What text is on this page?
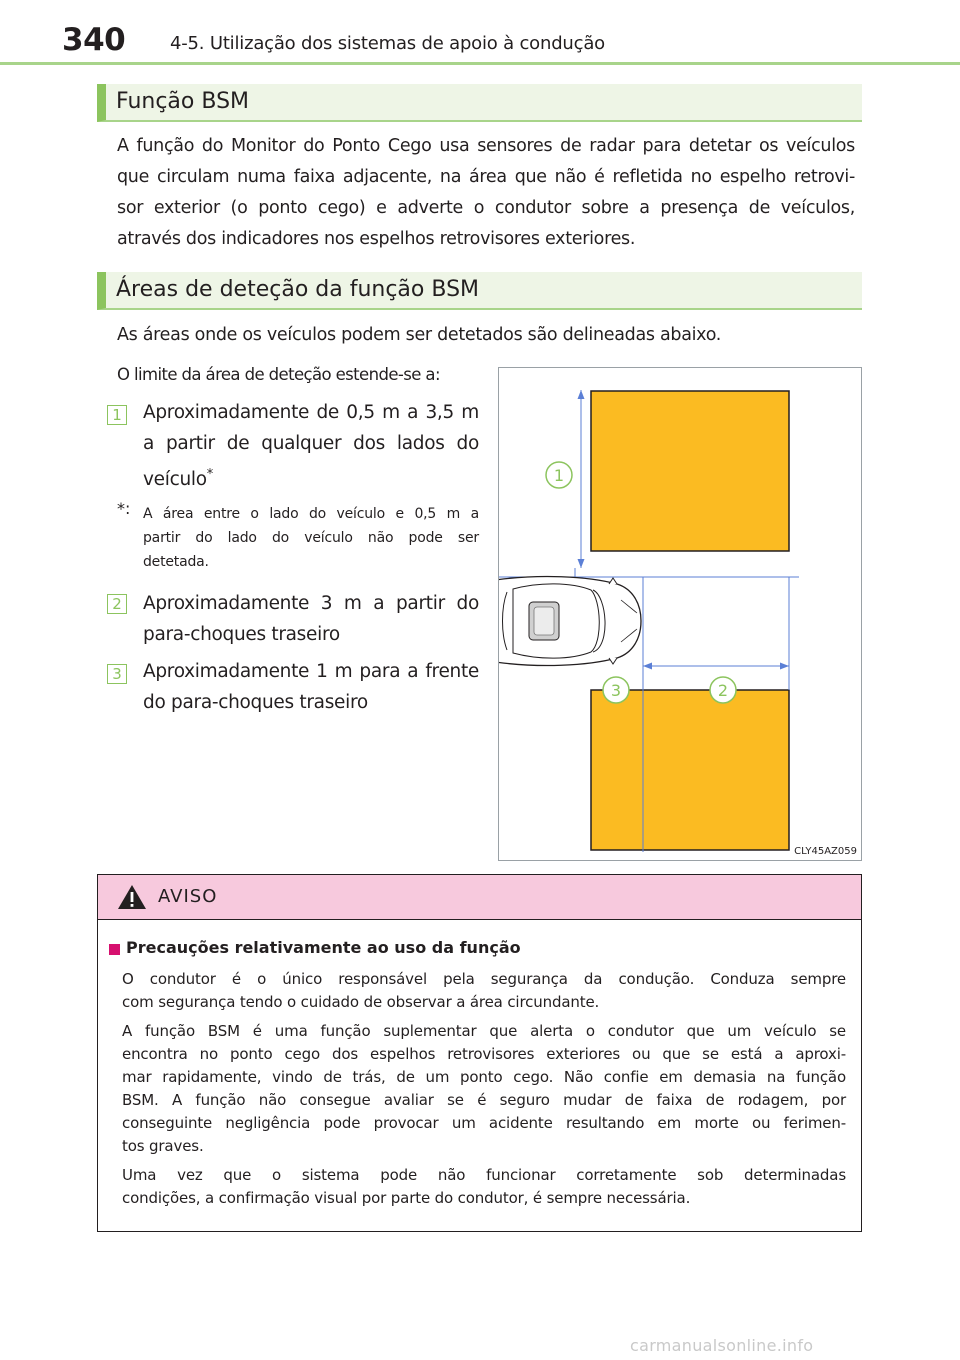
340 4-5. Utilização dos sistemas de apoio à condução
Função BSM
A função do Monitor do Ponto Cego usa sensores de radar para detetar os veículos
que circulam numa faixa adjacente, na área que não é refletida no espelho retrovi-
sor exterior (o ponto cego) e adverte o condutor sobre a presença de veículos,
através dos indicadores nos espelhos retrovisores exteriores.
Áreas de deteção da função BSM
As áreas onde os veículos podem ser detetados são delineadas abaixo.
O limite da área de deteção estende-se a:
1 Aproximadamente de 0,5 m a 3,5 m
a partir de qualquer dos lados do
veículo*
*: A área entre o lado do veículo e 0,5 m a
partir do lado do veículo não pode ser
detetada.
2 Aproximadamente 3 m a partir do
para-choques traseiro
3 Aproximadamente 1 m para a frente
do para-choques traseiro
1
3	2
CLY45AZ059
AVISO
Precauções relativamente ao uso da função
O condutor é o único responsável pela segurança da condução. Conduza sempre
com segurança tendo o cuidado de observar a área circundante.
A função BSM é uma função suplementar que alerta o condutor que um veículo se
encontra no ponto cego dos espelhos retrovisores exteriores ou que se está a aproxi-
mar rapidamente, vindo de trás, de um ponto cego. Não confie em demasia na função
BSM. A função não consegue avaliar se é seguro mudar de faixa de rodagem, por
conseguinte negligência pode provocar um acidente resultando em morte ou ferimen-
tos graves.
Uma vez que o sistema pode não funcionar corretamente sob determinadas
condições, a confirmação visual por parte do condutor, é sempre necessária.
carmanualsonline.info
